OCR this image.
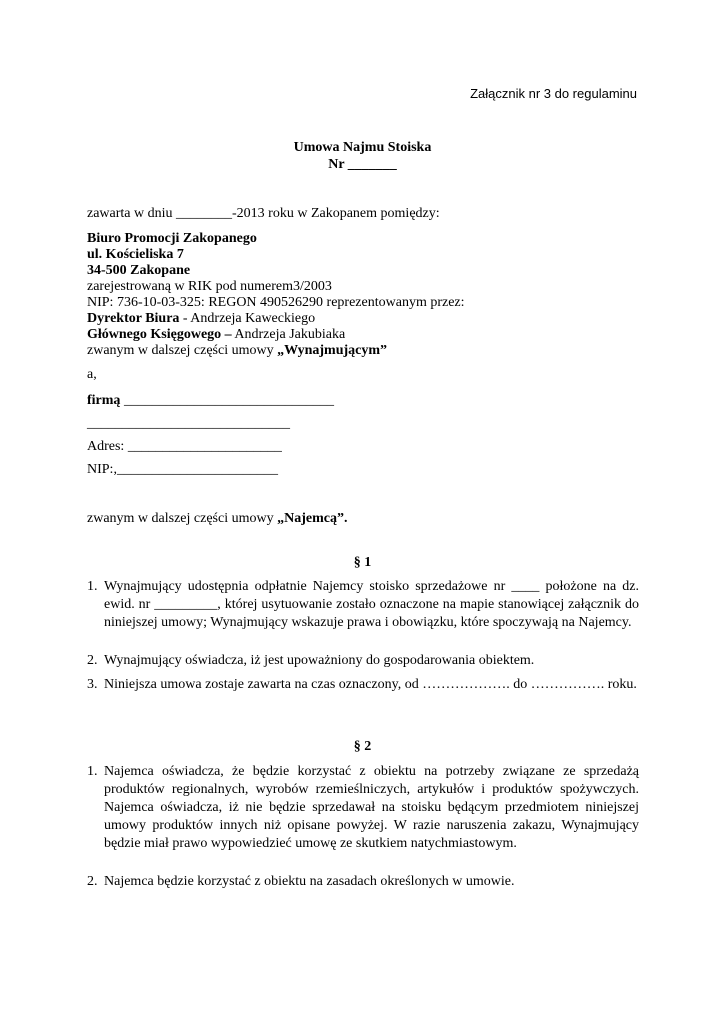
Załącznik nr 3 do regulaminu
Umowa Najmu Stoiska
Nr _______
zawarta w dniu ________-2013 roku w Zakopanem pomiędzy:
Biuro Promocji Zakopanego
ul. Kościeliska 7
34-500 Zakopane
zarejestrowaną w RIK pod numerem3/2003
NIP: 736-10-03-325: REGON 490526290 reprezentowanym przez:
Dyrektor Biura - Andrzeja Kaweckiego
Głównego Księgowego – Andrzeja Jakubiaka
zwanym w dalszej części umowy „Wynajmującym”
a,
firmą ______________________________
_____________________________
Adres: ______________________
NIP:,_______________________
zwanym w dalszej części umowy „Najemcą”.
§ 1
1. Wynajmujący udostępnia odpłatnie Najemcy stoisko sprzedażowe nr ____ położone na dz. ewid. nr _________, której usytuowanie zostało oznaczone na mapie stanowiącej załącznik do niniejszej umowy; Wynajmujący wskazuje prawa i obowiązku, które spoczywają na Najemcy.
2. Wynajmujący oświadcza, iż jest upoważniony do gospodarowania obiektem.
3. Niniejsza umowa zostaje zawarta na czas oznaczony, od ………………. do ……………. roku.
§ 2
1. Najemca oświadcza, że będzie korzystać z obiektu na potrzeby związane ze sprzedażą produktów regionalnych, wyrobów rzemieślniczych, artykułów i produktów spożywczych. Najemca oświadcza, iż nie będzie sprzedawał na stoisku będącym przedmiotem niniejszej umowy produktów innych niż opisane powyżej. W razie naruszenia zakazu, Wynajmujący będzie miał prawo wypowiedzieć umowę ze skutkiem natychmiastowym.
2. Najemca będzie korzystać z obiektu na zasadach określonych w umowie.
